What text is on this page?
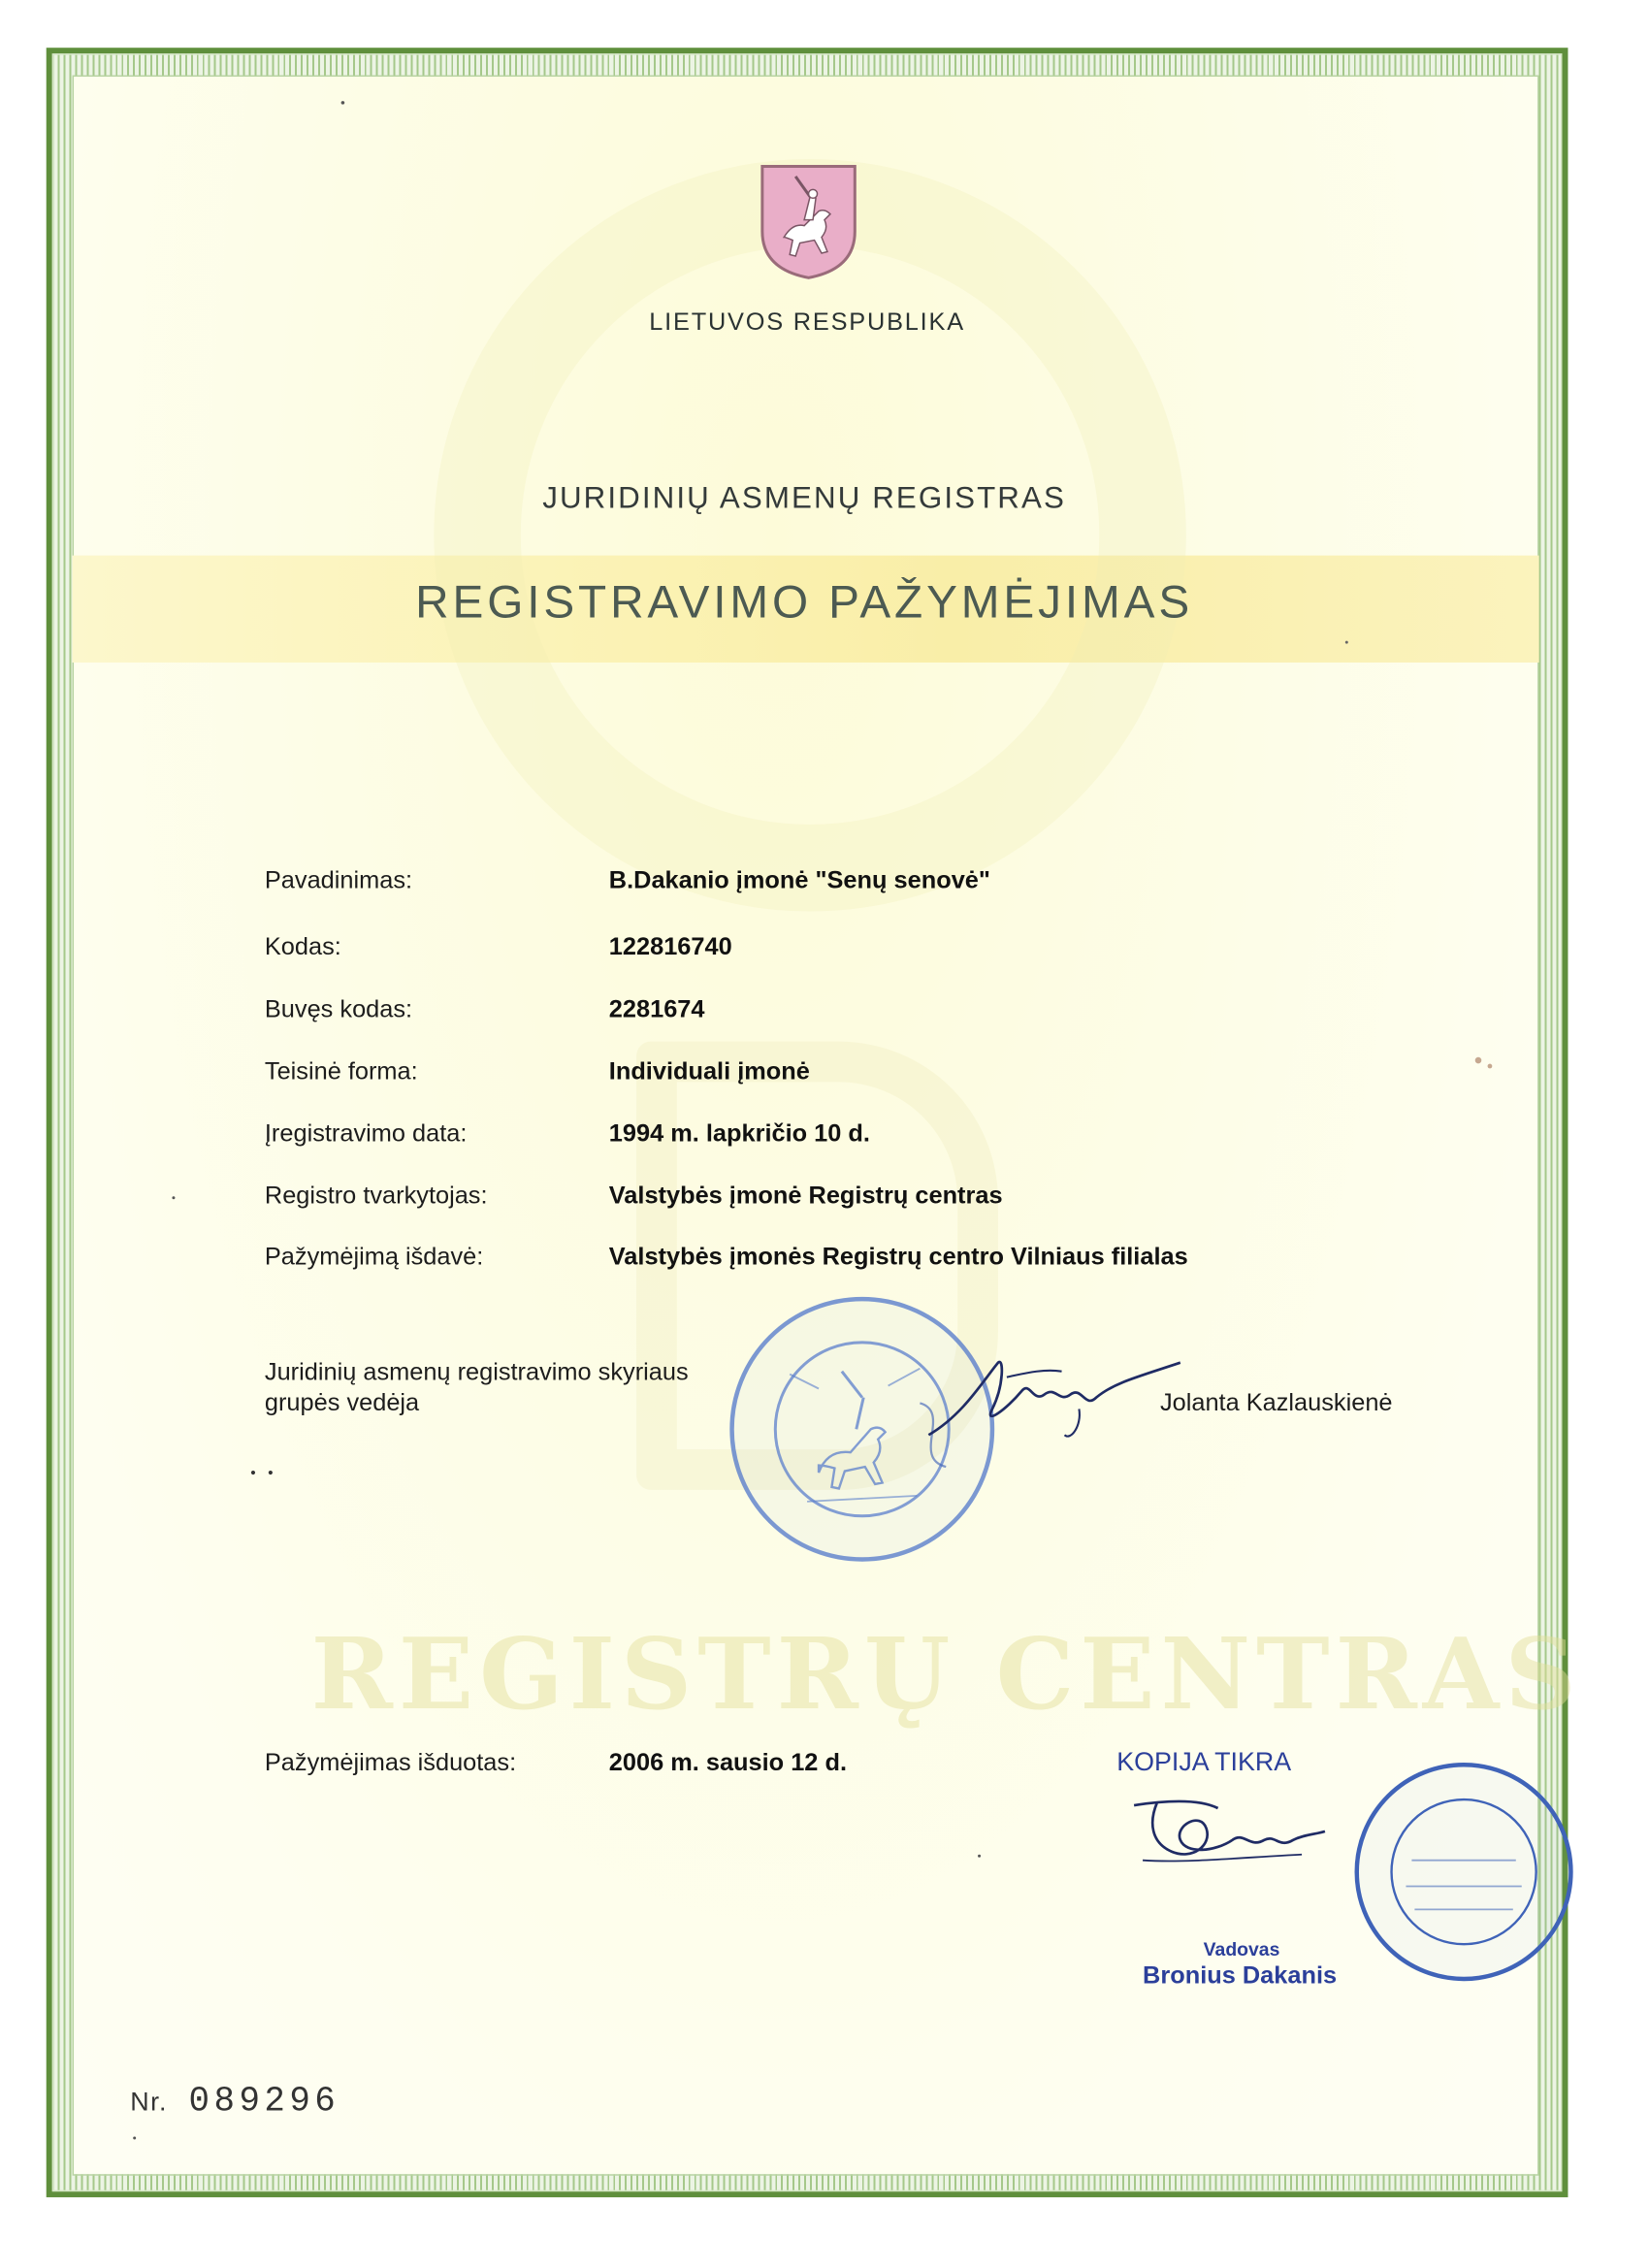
REGISTRŲ CENTRAS
LIETUVOS RESPUBLIKA
JURIDINIŲ ASMENŲ REGISTRAS
REGISTRAVIMO PAŽYMĖJIMAS
Pavadinimas:	B.Dakanio įmonė "Senų senovė"
Kodas:	122816740
Buvęs kodas:	2281674
Teisinė forma:	Individuali įmonė
Įregistravimo data:	1994 m. lapkričio 10 d.
Registro tvarkytojas:	Valstybės įmonė Registrų centras
Pažymėjimą išdavė:	Valstybės įmonės Registrų centro Vilniaus filialas
Juridinių asmenų registravimo skyriaus
grupės vedėja	Jolanta Kazlauskienė
Pažymėjimas išduotas:	2006 m. sausio 12 d.	KOPIJA TIKRA
Nr. 089296
Vadovas
Bronius Dakanis
